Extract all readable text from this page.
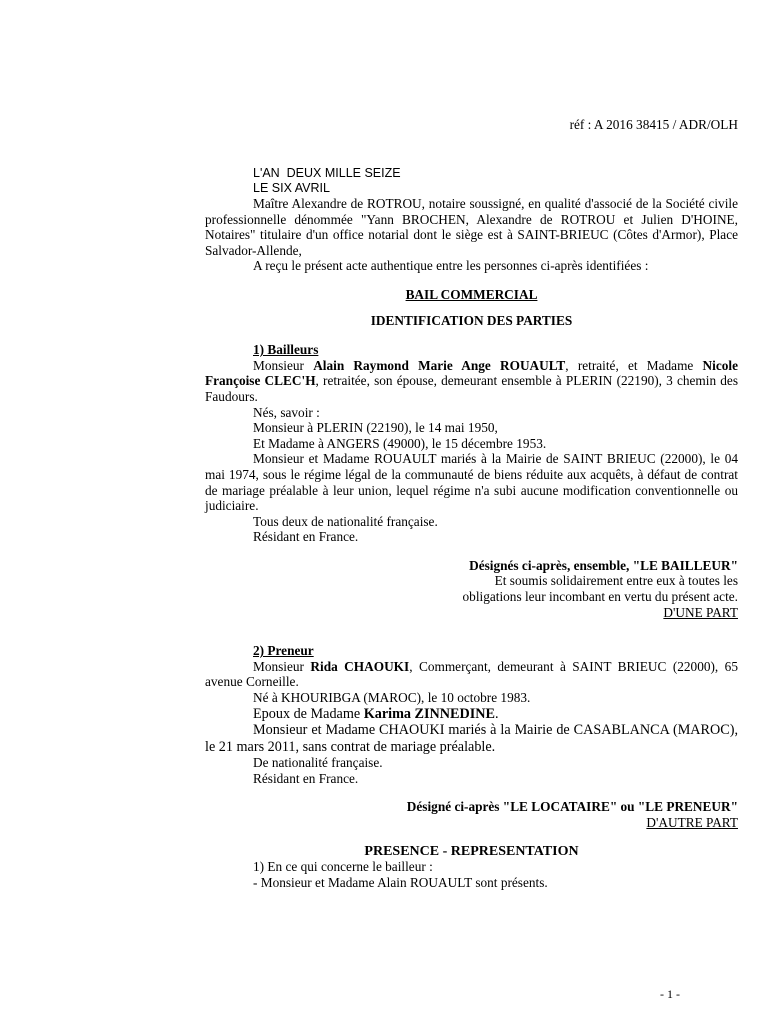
réf : A 2016 38415 / ADR/OLH
L'AN  DEUX MILLE SEIZE
LE SIX AVRIL

Maître Alexandre de ROTROU, notaire soussigné, en qualité d'associé de la Société civile professionnelle dénommée "Yann BROCHEN, Alexandre de ROTROU et Julien D'HOINE, Notaires" titulaire d'un office notarial dont le siège est à SAINT-BRIEUC (Côtes d'Armor), Place Salvador-Allende,

A reçu le présent acte authentique entre les personnes ci-après identifiées :

BAIL COMMERCIAL

IDENTIFICATION DES PARTIES

1) Bailleurs

Monsieur Alain Raymond Marie Ange ROUAULT, retraité, et Madame Nicole Françoise CLEC'H, retraitée, son épouse, demeurant ensemble à PLERIN (22190), 3 chemin des Faudours.

Nés, savoir :

Monsieur à PLERIN (22190), le 14 mai 1950,

Et Madame à ANGERS (49000), le 15 décembre 1953.

Monsieur et Madame ROUAULT mariés à la Mairie de SAINT BRIEUC (22000), le 04 mai 1974, sous le régime légal de la communauté de biens réduite aux acquêts, à défaut de contrat de mariage préalable à leur union, lequel régime n'a subi aucune modification conventionnelle ou judiciaire.

Tous deux de nationalité française.

Résidant en France.

Désignés ci-après, ensemble, "LE BAILLEUR"

Et soumis solidairement entre eux à toutes les

obligations leur incombant en vertu du présent acte.

D'UNE PART

2) Preneur

Monsieur Rida CHAOUKI, Commerçant, demeurant à SAINT BRIEUC (22000), 65 avenue Corneille.

Né à KHOURIBGA (MAROC), le 10 octobre 1983.

Epoux de Madame Karima ZINNEDINE.

Monsieur et Madame CHAOUKI mariés à la Mairie de CASABLANCA (MAROC), le 21 mars 2011, sans contrat de mariage préalable.

De nationalité française.

Résidant en France.

Désigné ci-après "LE LOCATAIRE" ou "LE PRENEUR"

D'AUTRE PART

PRESENCE - REPRESENTATION

1) En ce qui concerne le bailleur :

- Monsieur et Madame Alain ROUAULT sont présents.

- 1 -
